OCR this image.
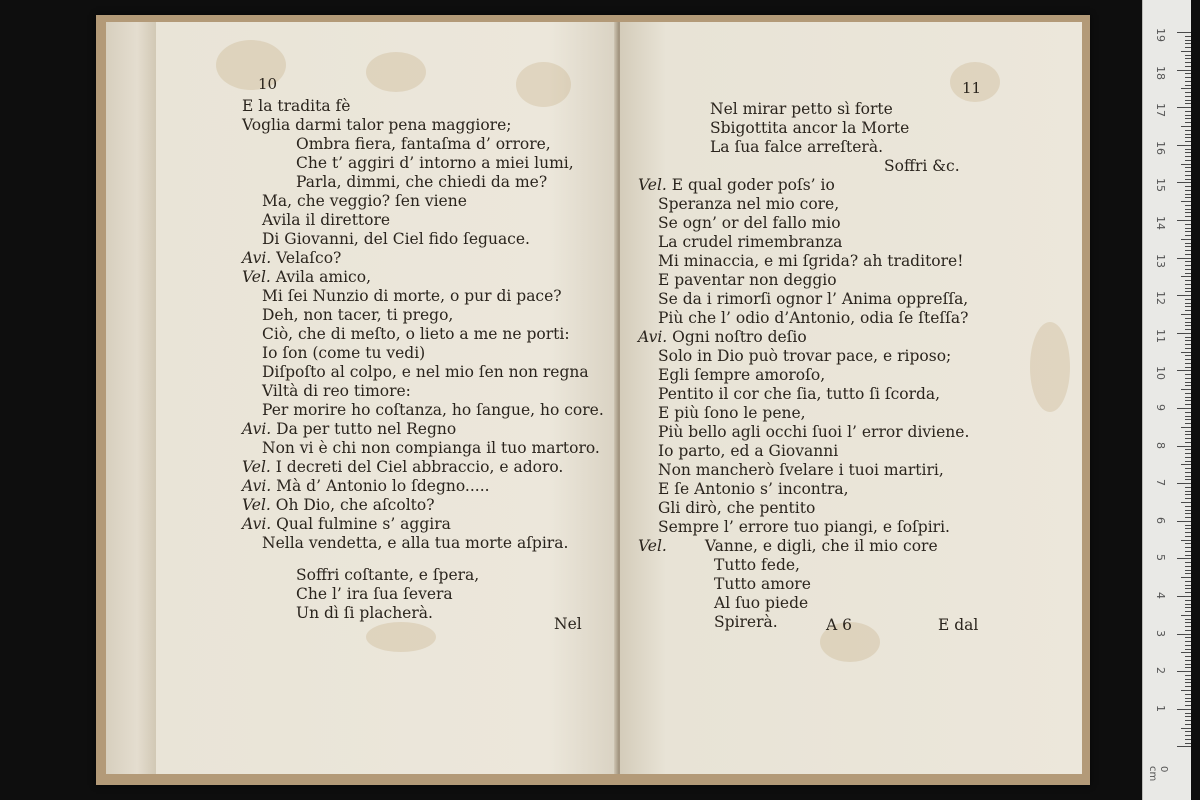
10
E la tradita fè
Voglia darmi talor pena maggiore;
Ombra fiera, fantaſma d’ orrore,
Che t’ aggiri d’ intorno a miei lumi,
Parla, dimmi, che chiedi da me?
Ma, che veggio? ſen viene
Avila il direttore
Di Giovanni, del Ciel fido ſeguace.
Avi. Velaſco?
Vel. Avila amico,
Mi ſei Nunzio di morte, o pur di pace?
Deh, non tacer, ti prego,
Ciò, che di meſto, o lieto a me ne porti:
Io ſon (come tu vedi)
Diſpoſto al colpo, e nel mio ſen non regna
Viltà di reo timore:
Per morire ho coſtanza, ho ſangue, ho core.
Avi. Da per tutto nel Regno
Non vi è chi non compianga il tuo martoro.
Vel. I decreti del Ciel abbraccio, e adoro.
Avi. Mà d’ Antonio lo ſdegno.....
Vel. Oh Dio, che aſcolto?
Avi. Qual fulmine s’ aggira
Nella vendetta, e alla tua morte aſpira.
Soffri coſtante, e ſpera,
Che l’ ira ſua ſevera
Un dì ſi placherà.
Nel
11
Nel mirar petto sì forte
Sbigottita ancor la Morte
La ſua falce arreſterà.
Soffri &c.
Vel. E qual goder poſs’ io
Speranza nel mio core,
Se ogn’ or del fallo mio
La crudel rimembranza
Mi minaccia, e mi ſgrida? ah traditore!
E paventar non deggio
Se da i rimorſi ognor l’ Anima oppreſſa,
Più che l’ odio d’Antonio, odia ſe ſteſſa?
Avi. Ogni noſtro deſio
Solo in Dio può trovar pace, e riposo;
Egli ſempre amoroſo,
Pentito il cor che ſia, tutto ſi ſcorda,
E più ſono le pene,
Più bello agli occhi ſuoi l’ error diviene.
Io parto, ed a Giovanni
Non mancherò ſvelare i tuoi martiri,
E ſe Antonio s’ incontra,
Gli dirò, che pentito
Sempre l’ errore tuo piangi, e ſoſpiri.
Vel. Vanne, e digli, che il mio core
Tutto fede,
Tutto amore
Al ſuo piede
Spirerà.	A 6	E dal
19
18
17
16
15
14
13
12
11
10
9
8
7
6
5
4
3
2
1
0 cm
